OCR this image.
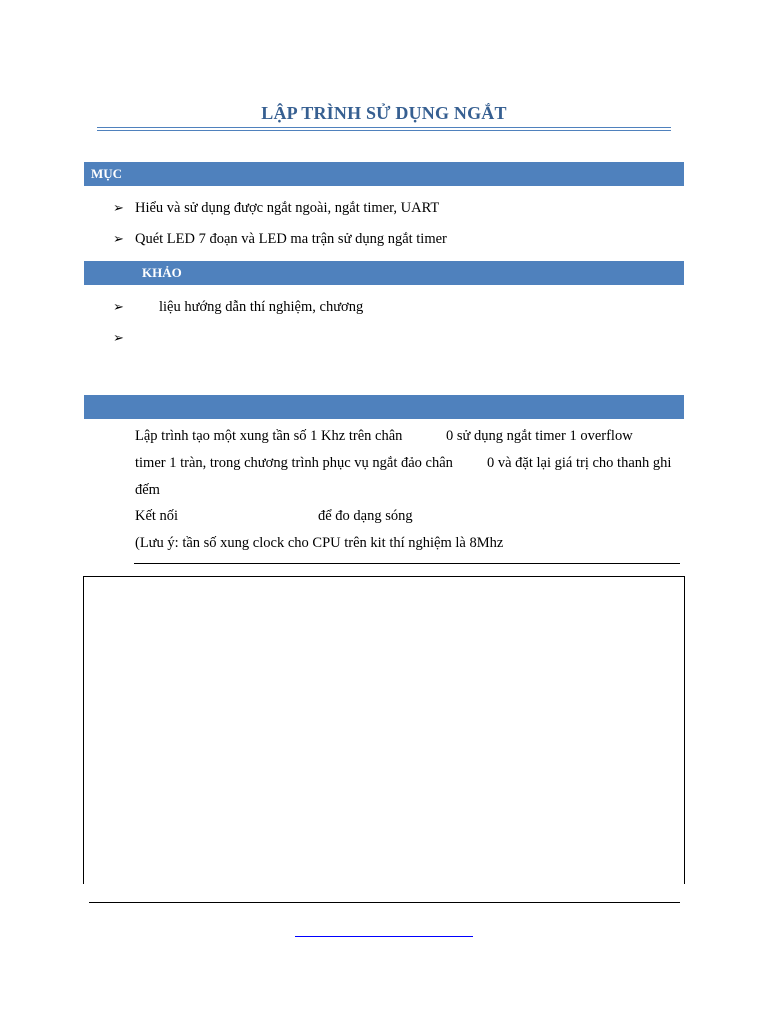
LẬP TRÌNH SỬ DỤNG NGẮT
MỤC
➢ Hiểu và sử dụng được ngắt ngoài, ngắt timer, UART
➢ Quét LED 7 đoạn và LED ma trận sử dụng ngắt timer
KHẢO
➢ liệu hướng dẫn thí nghiệm, chương
➢
Lập trình tạo một xung tần số 1 Khz trên chân	0 sử dụng ngắt timer 1 overflow
timer 1 tràn, trong chương trình phục vụ ngắt đảo chân 0 và đặt lại giá trị cho thanh ghi
đếm
Kết nối	để đo dạng sóng
(Lưu ý: tần số xung clock cho CPU trên kit thí nghiệm là 8Mhz
